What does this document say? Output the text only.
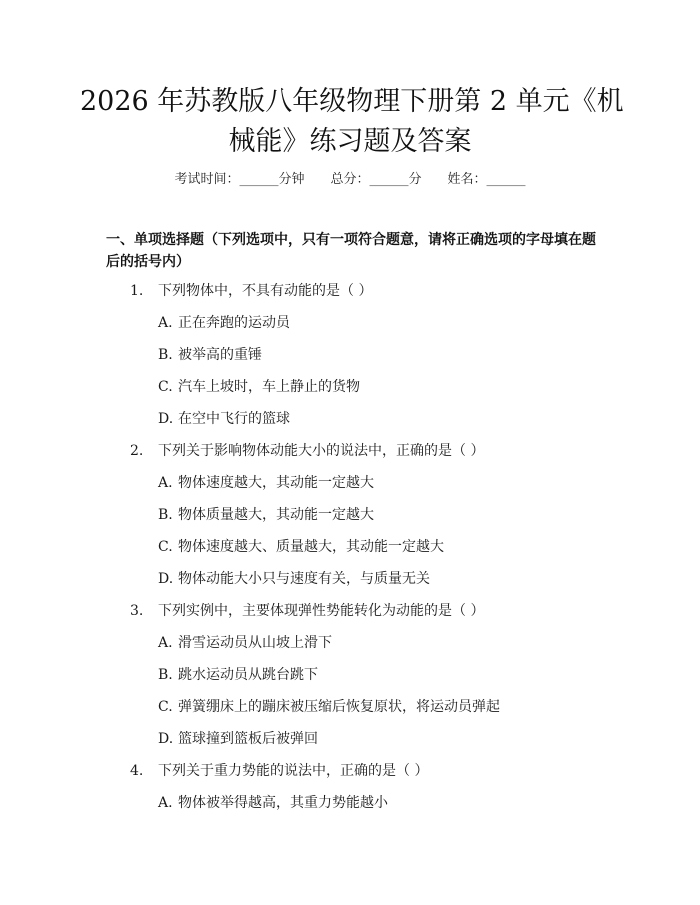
2026 年苏教版八年级物理下册第 2 单元《机
械能》练习题及答案
考试时间：______分钟 总分：______分 姓名：______
一、单项选择题（下列选项中，只有一项符合题意，请将正确选项的字母填在题
后的括号内）
1. 下列物体中，不具有动能的是（ ）
A. 正在奔跑的运动员
B. 被举高的重锤
C. 汽车上坡时，车上静止的货物
D. 在空中飞行的篮球
2. 下列关于影响物体动能大小的说法中，正确的是（ ）
A. 物体速度越大，其动能一定越大
B. 物体质量越大，其动能一定越大
C. 物体速度越大、质量越大，其动能一定越大
D. 物体动能大小只与速度有关，与质量无关
3. 下列实例中，主要体现弹性势能转化为动能的是（ ）
A. 滑雪运动员从山坡上滑下
B. 跳水运动员从跳台跳下
C. 弹簧绷床上的蹦床被压缩后恢复原状，将运动员弹起
D. 篮球撞到篮板后被弹回
4. 下列关于重力势能的说法中，正确的是（ ）
A. 物体被举得越高，其重力势能越小
